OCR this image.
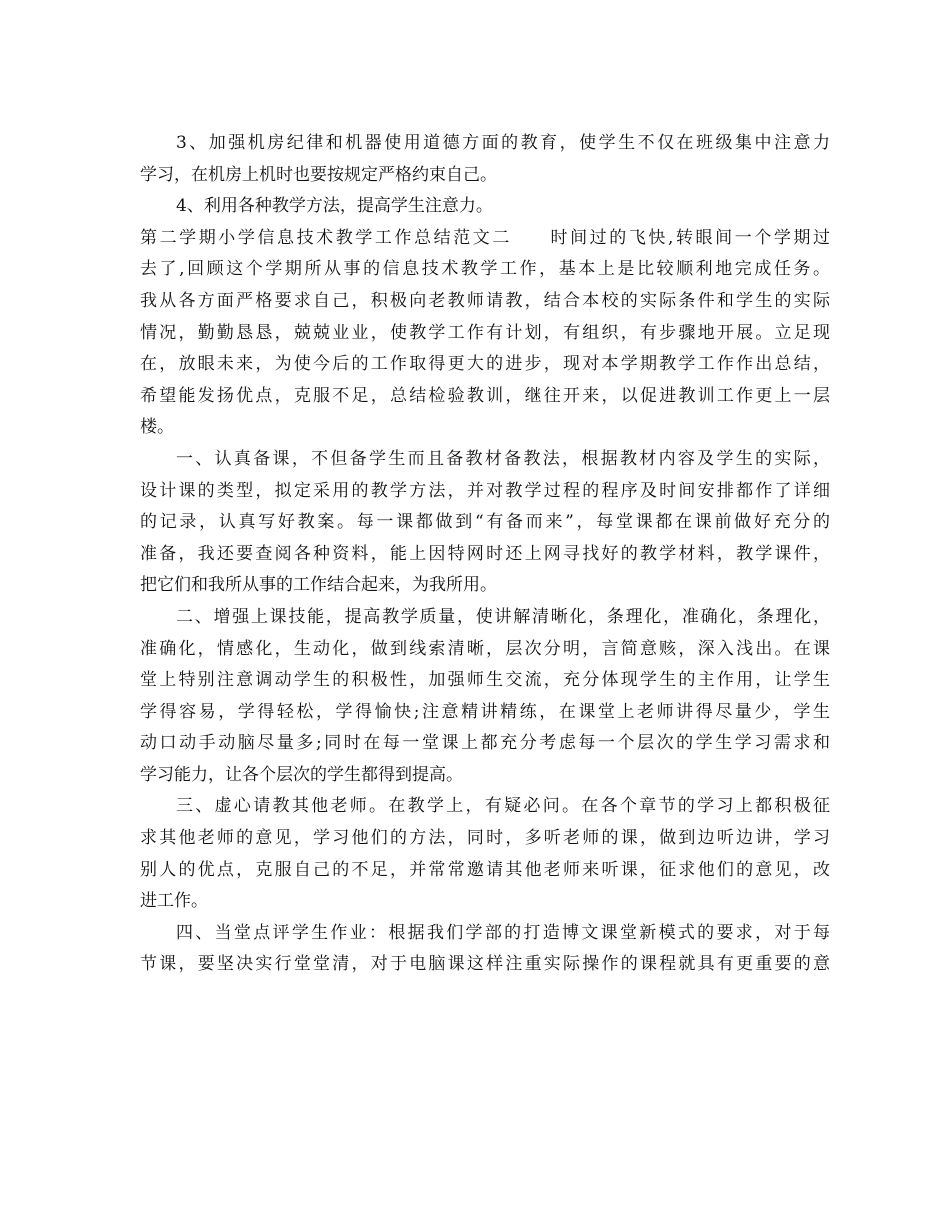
3、加强机房纪律和机器使用道德方面的教育，使学生不仅在班级集中注意力
学习，在机房上机时也要按规定严格约束自己。
4、利用各种教学方法，提高学生注意力。
第二学期小学信息技术教学工作总结范文二 时间过的飞快,转眼间一个学期过
去了,回顾这个学期所从事的信息技术教学工作，基本上是比较顺利地完成任务。
我从各方面严格要求自己，积极向老教师请教，结合本校的实际条件和学生的实际
情况，勤勤恳恳，兢兢业业，使教学工作有计划，有组织，有步骤地开展。立足现
在，放眼未来，为使今后的工作取得更大的进步，现对本学期教学工作作出总结，
希望能发扬优点，克服不足，总结检验教训，继往开来，以促进教训工作更上一层
楼。
一、认真备课，不但备学生而且备教材备教法，根据教材内容及学生的实际，
设计课的类型，拟定采用的教学方法，并对教学过程的程序及时间安排都作了详细
的记录，认真写好教案。每一课都做到“有备而来”，每堂课都在课前做好充分的
准备，我还要查阅各种资料，能上因特网时还上网寻找好的教学材料，教学课件，
把它们和我所从事的工作结合起来，为我所用。
二、增强上课技能，提高教学质量，使讲解清晰化，条理化，准确化，条理化，
准确化，情感化，生动化，做到线索清晰，层次分明，言简意赅，深入浅出。在课
堂上特别注意调动学生的积极性，加强师生交流，充分体现学生的主作用，让学生
学得容易，学得轻松，学得愉快;注意精讲精练，在课堂上老师讲得尽量少，学生
动口动手动脑尽量多;同时在每一堂课上都充分考虑每一个层次的学生学习需求和
学习能力，让各个层次的学生都得到提高。
三、虚心请教其他老师。在教学上，有疑必问。在各个章节的学习上都积极征
求其他老师的意见，学习他们的方法，同时，多听老师的课，做到边听边讲，学习
别人的优点，克服自己的不足，并常常邀请其他老师来听课，征求他们的意见，改
进工作。
四、当堂点评学生作业：根据我们学部的打造博文课堂新模式的要求，对于每
节课，要坚决实行堂堂清，对于电脑课这样注重实际操作的课程就具有更重要的意
